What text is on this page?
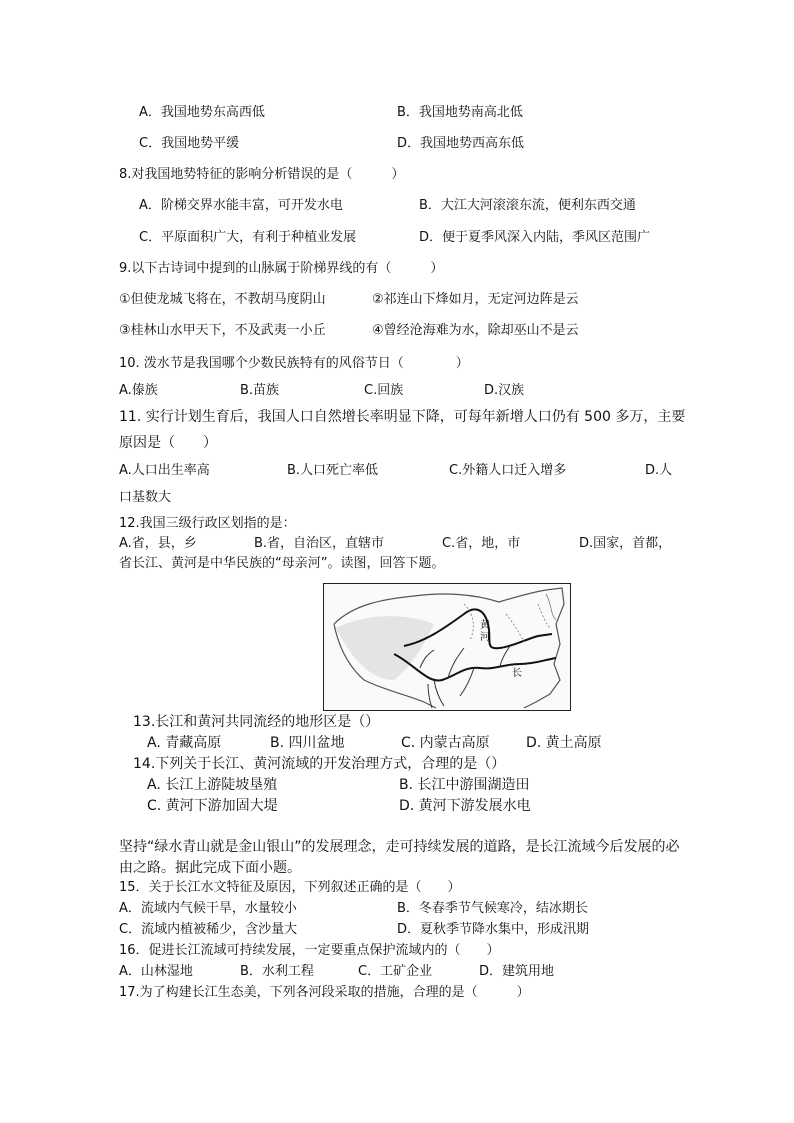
A．我国地势东高西低	B．我国地势南高北低
C．我国地势平缓	D．我国地势西高东低
8.对我国地势特征的影响分析错误的是（　　　）
A．阶梯交界水能丰富，可开发水电	B．大江大河滚滚东流，便利东西交通
C．平原面积广大，有利于种植业发展	D．便于夏季风深入内陆，季风区范围广
9.以下古诗词中提到的山脉属于阶梯界线的有（　　　）
①但使龙城飞将在，不教胡马度阴山	②祁连山下烽如月，无定河边阵是云
③桂林山水甲天下，不及武夷一小丘	④曾经沧海难为水，除却巫山不是云
10. 泼水节是我国哪个少数民族特有的风俗节日（　　　　）
A.傣族	B.苗族	C.回族	D.汉族
11. 实行计划生育后，我国人口自然增长率明显下降，可每年新增人口仍有 500 多万，主要
原因是（　　）
A.人口出生率高	B.人口死亡率低	C.外籍人口迁入增多	D.人
口基数大
12.我国三级行政区划指的是：
A.省，县，乡	B.省，自治区，直辖市	C.省，地，市	D.国家，首都，
省长江、黄河是中华民族的“母亲河”。读图，回答下题。
黄
河
长
13.长江和黄河共同流经的地形区是（）
A. 青藏高原	B. 四川盆地	C. 内蒙古高原	D. 黄土高原
14.下列关于长江、黄河流域的开发治理方式，合理的是（）
A. 长江上游陡坡垦殖	B. 长江中游围湖造田
C. 黄河下游加固大堤	D. 黄河下游发展水电
坚持“绿水青山就是金山银山”的发展理念，走可持续发展的道路，是长江流域今后发展的必
由之路。据此完成下面小题。
15．关于长江水文特征及原因，下列叙述正确的是（　　）
A．流域内气候干旱，水量较小	B．冬春季节气候寒冷，结冰期长
C．流域内植被稀少，含沙量大	D．夏秋季节降水集中，形成汛期
16．促进长江流域可持续发展，一定要重点保护流域内的（　　）
A．山林湿地	B．水利工程	C．工矿企业	D．建筑用地
17.为了构建长江生态美，下列各河段采取的措施，合理的是（　　　）
